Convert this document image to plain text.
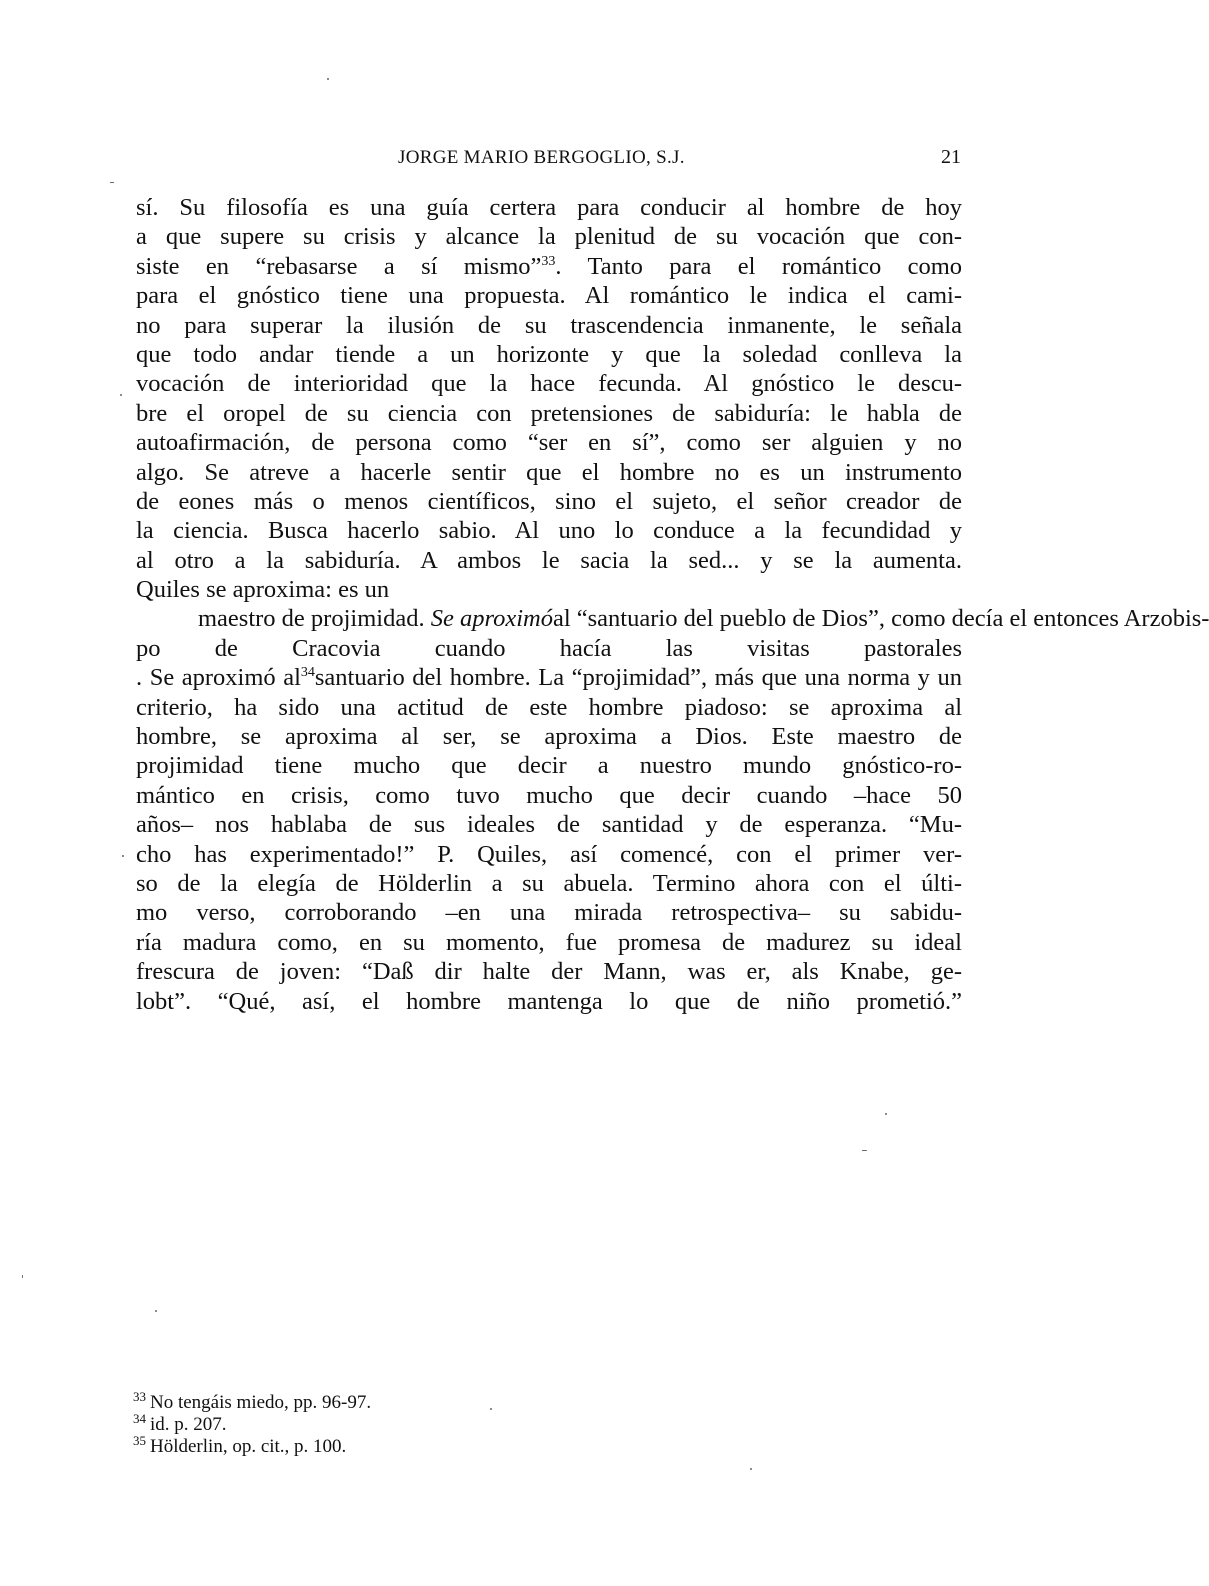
JORGE MARIO BERGOGLIO, S.J.	21
sí. Su filosofía es una guía certera para conducir al hombre de hoy
a que supere su crisis y alcance la plenitud de su vocación que con-
siste en “rebasarse a sí mismo”$^{33}$. Tanto para el romántico como
para el gnóstico tiene una propuesta. Al romántico le indica el cami-
no para superar la ilusión de su trascendencia inmanente, le señala
que todo andar tiende a un horizonte y que la soledad conlleva la
vocación de interioridad que la hace fecunda. Al gnóstico le descu-
bre el oropel de su ciencia con pretensiones de sabiduría: le habla de
autoafirmación, de persona como “ser en sí”, como ser alguien y no
algo. Se atreve a hacerle sentir que el hombre no es un instrumento
de eones más o menos científicos, sino el sujeto, el señor creador de
la ciencia. Busca hacerlo sabio. Al uno lo conduce a la fecundidad y
al otro a la sabiduría. A ambos le sacia la sed... y se la aumenta.
Quiles se aproxima: es un
maestro de projimidad. Se aproximóal “santuario del pueblo de Dios”, como decía el entonces Arzobis-
po de Cracovia cuando hacía las visitas pastorales
. Se aproximó $al^{34}santuario$ del hombre. La “projimidad”, más que una norma y un
criterio, ha sido una actitud de este hombre piadoso: se aproxima al
hombre, se aproxima al ser, se aproxima a Dios. Este maestro de
projimidad tiene mucho que decir a nuestro mundo gnóstico-ro-
mántico en crisis, como tuvo mucho que decir cuando –hace 50
años– nos hablaba de sus ideales de santidad y de esperanza. “Mu-
cho has experimentado!” P. Quiles, así comencé, con el primer ver-
so de la elegía de Hölderlin a su abuela. Termino ahora con el últi-
mo verso, corroborando –en una mirada retrospectiva– su sabidu-
ría madura como, en su momento, fue promesa de madurez su ideal
frescura de joven: “Daß dir halte der Mann, was er, als Knabe, ge-
lobt”. “Qué, así, el hombre mantenga lo que de niño prometió.”
$^{33}$ No tengáis miedo, pp. 96-97.
$^{34}$ id. p. 207.
$^{35}$ Hölderlin, op. cit., p. 100.
